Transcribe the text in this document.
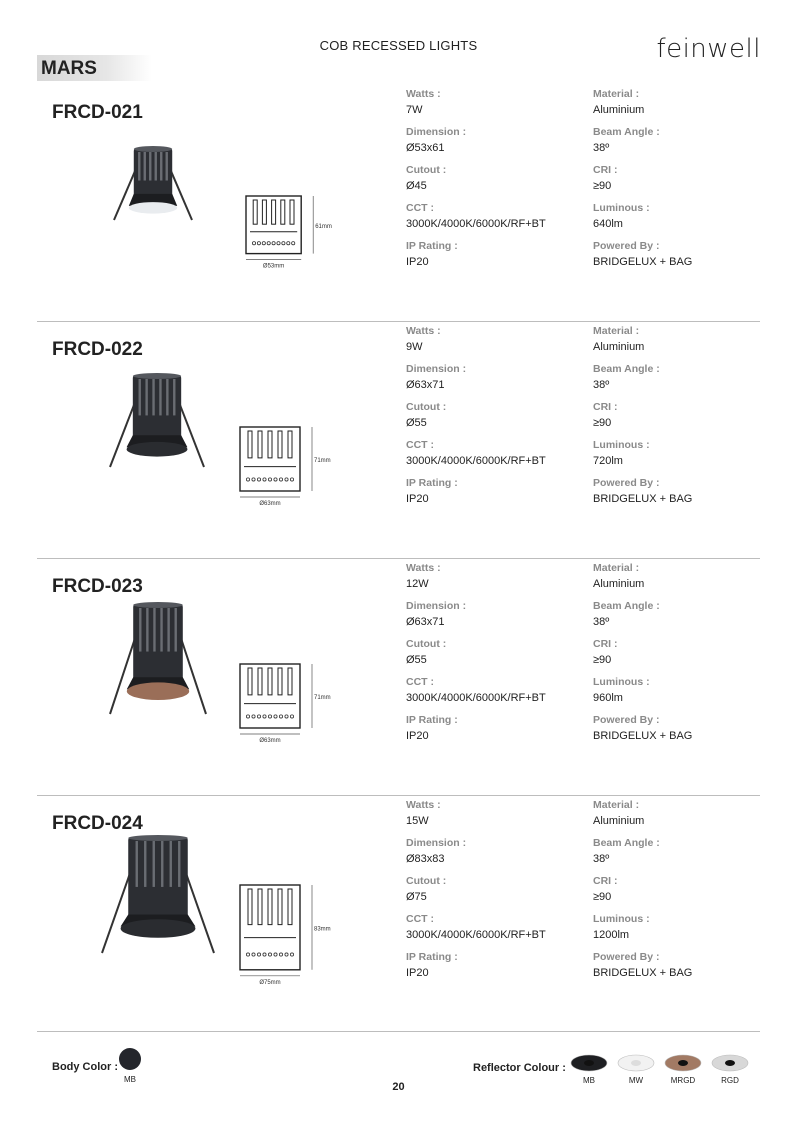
COB RECESSED LIGHTS	feinwell
MARS
FRCD-021
Watts :
7W
Dimension :
Ø53x61
Cutout :
Ø45
CCT :
3000K/4000K/6000K/RF+BT
IP Rating :
IP20
Material :
Aluminium
Beam Angle :
38º
CRI :
≥90
Luminous :
640lm
Powered By :
BRIDGELUX + BAG
61mm
Ø53mm
FRCD-022
Watts :
9W
Dimension :
Ø63x71
Cutout :
Ø55
CCT :
3000K/4000K/6000K/RF+BT
IP Rating :
IP20
Material :
Aluminium
Beam Angle :
38º
CRI :
≥90
Luminous :
720lm
Powered By :
BRIDGELUX + BAG
71mm
Ø63mm
FRCD-023
Watts :
12W
Dimension :
Ø63x71
Cutout :
Ø55
CCT :
3000K/4000K/6000K/RF+BT
IP Rating :
IP20
Material :
Aluminium
Beam Angle :
38º
CRI :
≥90
Luminous :
960lm
Powered By :
BRIDGELUX + BAG
71mm
Ø63mm
FRCD-024
Watts :
15W
Dimension :
Ø83x83
Cutout :
Ø75
CCT :
3000K/4000K/6000K/RF+BT
IP Rating :
IP20
Material :
Aluminium
Beam Angle :
38º
CRI :
≥90
Luminous :
1200lm
Powered By :
BRIDGELUX + BAG
83mm
Ø75mm
Body Color :
MB
Reflector Colour :
MB	MW	MRGD	RGD
20
